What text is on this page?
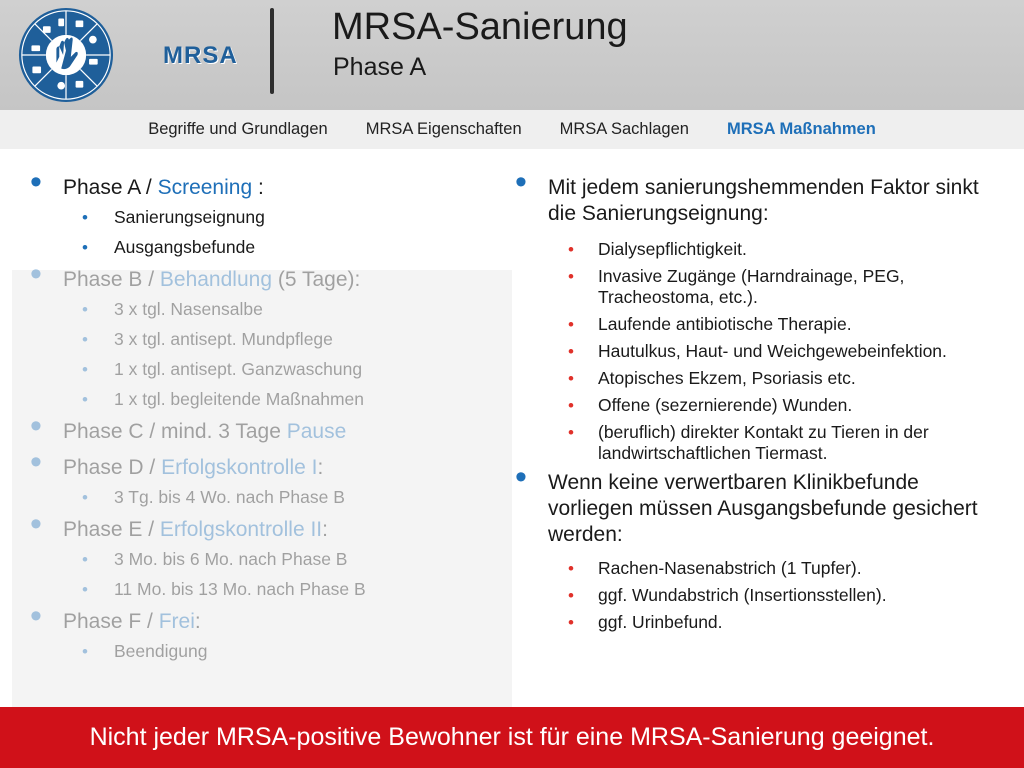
MRSA
MRSA-Sanierung
Phase A
Begriffe und Grundlagen MRSA Eigenschaften MRSA Sachlagen MRSA Maßnahmen
• Phase A / Screening :
• Sanierungseignung
• Ausgangsbefunde
• Phase B / Behandlung (5 Tage):
• 3 x tgl. Nasensalbe
• 3 x tgl. antisept. Mundpflege
• 1 x tgl. antisept. Ganzwaschung
• 1 x tgl. begleitende Maßnahmen
• Phase C / mind. 3 Tage Pause
• Phase D / Erfolgskontrolle I:
• 3 Tg. bis 4 Wo. nach Phase B
• Phase E / Erfolgskontrolle II:
• 3 Mo. bis 6 Mo. nach Phase B
• 11 Mo. bis 13 Mo. nach Phase B
• Phase F / Frei:
• Beendigung
• Mit jedem sanierungshemmenden Faktor sinkt die Sanierungseignung:
• Dialysepflichtigkeit.
• Invasive Zugänge (Harndrainage, PEG, Tracheostoma, etc.).
• Laufende antibiotische Therapie.
• Hautulkus, Haut- und Weichgewebeinfektion.
• Atopisches Ekzem, Psoriasis etc.
• Offene (sezernierende) Wunden.
• (beruflich) direkter Kontakt zu Tieren in der landwirtschaftlichen Tiermast.
• Wenn keine verwertbaren Klinikbefunde vorliegen müssen Ausgangsbefunde gesichert werden:
• Rachen-Nasenabstrich (1 Tupfer).
• ggf. Wundabstrich (Insertionsstellen).
• ggf. Urinbefund.
Nicht jeder MRSA-positive Bewohner ist für eine MRSA-Sanierung geeignet.
